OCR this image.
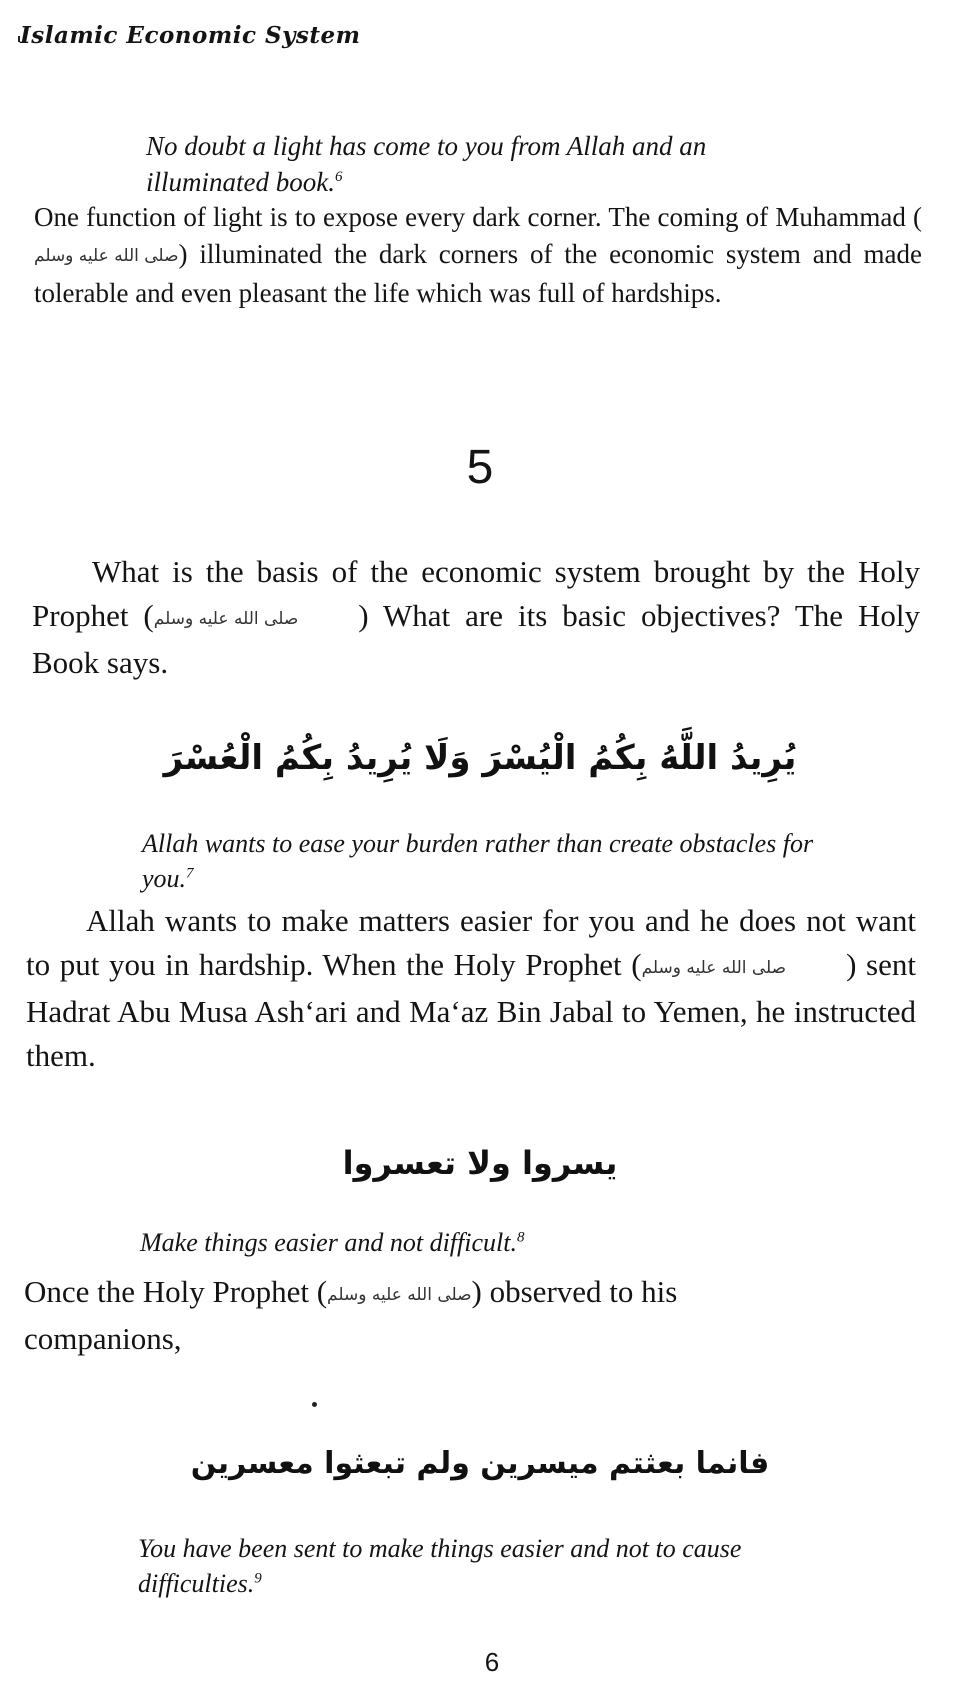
Islamic Economic System
No doubt a light has come to you from Allah and an illuminated book.$^6$
One function of light is to expose every dark corner. The coming of Muhammad (صلى الله عليه وسلم) illuminated the dark corners of the economic system and made tolerable and even pleasant the life which was full of hardships.
5
What is the basis of the economic system brought by the Holy Prophet (صلى الله عليه وسلم ) What are its basic objectives? The Holy Book says.
يُرِيدُ اللَّهُ بِكُمُ الْيُسْرَ وَلَا يُرِيدُ بِكُمُ الْعُسْرَ
Allah wants to ease your burden rather than create obstacles for you.$^7$
Allah wants to make matters easier for you and he does not want to put you in hardship. When the Holy Prophet (صلى الله عليه وسلم ) sent Hadrat Abu Musa Ash‘ari and Ma‘az Bin Jabal to Yemen, he instructed them.
يسروا ولا تعسروا
Make things easier and not difficult.$^8$
Once the Holy Prophet (صلى الله عليه وسلم) observed to his companions,
فانما بعثتم ميسرين ولم تبعثوا معسرين
You have been sent to make things easier and not to cause difficulties.$^9$
6
